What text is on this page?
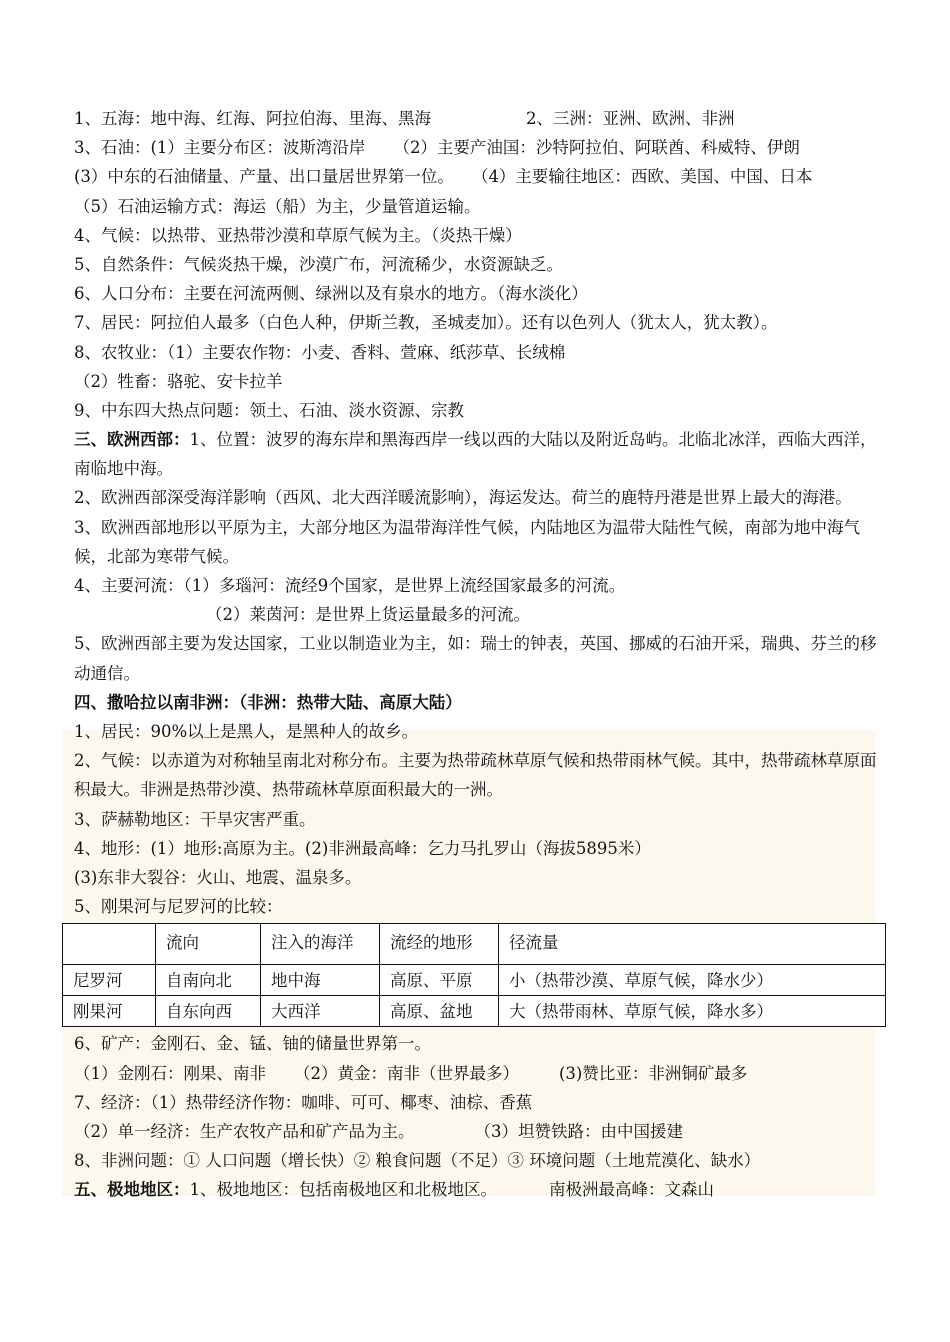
1、五海：地中海、红海、阿拉伯海、里海、黑海	2、三洲：亚洲、欧洲、非洲
3、石油：(1）主要分布区：波斯湾沿岸 （2）主要产油国：沙特阿拉伯、阿联酋、科威特、伊朗
(3）中东的石油储量、产量、出口量居世界第一位。 （4）主要输往地区：西欧、美国、中国、日本
（5）石油运输方式：海运（船）为主，少量管道运输。
4、气候：以热带、亚热带沙漠和草原气候为主。（炎热干燥）
5、自然条件：气候炎热干燥，沙漠广布，河流稀少，水资源缺乏。
6、人口分布：主要在河流两侧、绿洲以及有泉水的地方。（海水淡化）
7、居民：阿拉伯人最多（白色人种，伊斯兰教，圣城麦加）。还有以色列人（犹太人，犹太教）。
8、农牧业：（1）主要农作物：小麦、香料、萱麻、纸莎草、长绒棉
（2）牲畜：骆驼、安卡拉羊
9、中东四大热点问题：领土、石油、淡水资源、宗教
三、欧洲西部：1、位置：波罗的海东岸和黑海西岸一线以西的大陆以及附近岛屿。北临北冰洋，西临大西洋，南临地中海。
2、欧洲西部深受海洋影响（西风、北大西洋暖流影响），海运发达。荷兰的鹿特丹港是世界上最大的海港。
3、欧洲西部地形以平原为主，大部分地区为温带海洋性气候，内陆地区为温带大陆性气候，南部为地中海气候，北部为寒带气候。
4、主要河流：（1）多瑙河：流经9个国家，是世界上流经国家最多的河流。
（2）莱茵河：是世界上货运量最多的河流。
5、欧洲西部主要为发达国家，工业以制造业为主，如：瑞士的钟表，英国、挪威的石油开采，瑞典、芬兰的移动通信。
四、撒哈拉以南非洲：（非洲：热带大陆、高原大陆）
1、居民：90%以上是黑人，是黑种人的故乡。
2、气候：以赤道为对称轴呈南北对称分布。主要为热带疏林草原气候和热带雨林气候。其中，热带疏林草原面积最大。非洲是热带沙漠、热带疏林草原面积最大的一洲。
3、萨赫勒地区：干旱灾害严重。
4、地形：(1）地形:高原为主。(2)非洲最高峰：乞力马扎罗山（海拔5895米）
(3)东非大裂谷：火山、地震、温泉多。
5、刚果河与尼罗河的比较：
	流向	注入的海洋	流经的地形	径流量
尼罗河	自南向北	地中海	高原、平原	小（热带沙漠、草原气候，降水少）
刚果河	自东向西	大西洋	高原、盆地	大（热带雨林、草原气候，降水多）
6、矿产：金刚石、金、锰、铀的储量世界第一。
（1）金刚石：刚果、南非 （2）黄金：南非（世界最多） (3)赞比亚：非洲铜矿最多
7、经济：（1）热带经济作物：咖啡、可可、椰枣、油棕、香蕉
（2）单一经济：生产农牧产品和矿产品为主。	（3）坦赞铁路：由中国援建
8、非洲问题：① 人口问题（增长快）② 粮食问题（不足）③ 环境问题（土地荒漠化、缺水）
五、极地地区：1、极地地区：包括南极地区和北极地区。	南极洲最高峰：文森山
